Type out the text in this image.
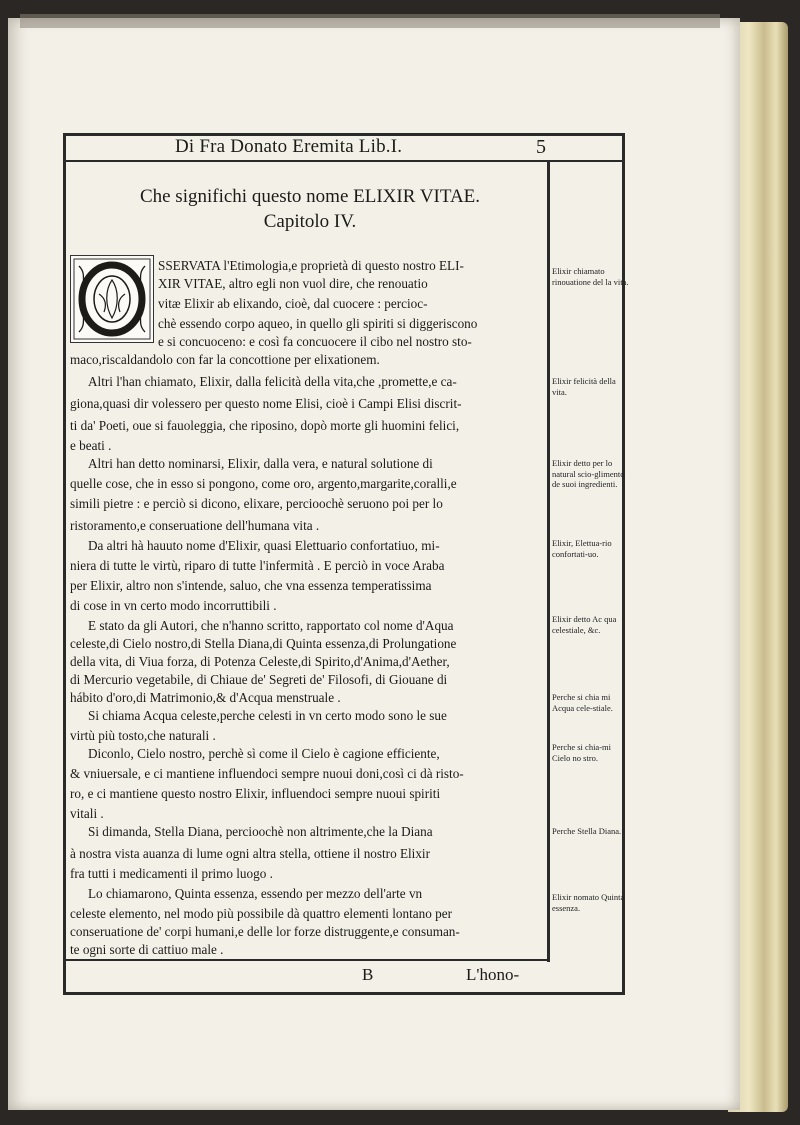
Di Fra Donato Eremita Lib.I.	5
Che significhi questo nome ELIXIR VITAE.
Capitolo IV.
SSERVATA l'Etimologia,e proprietà di questo nostro ELI-
XIR VITAE, altro egli non vuol dire, che renouatio
vitæ Elixir ab elixando, cioè, dal cuocere : percioc-
chè essendo corpo aqueo, in quello gli spiriti si diggeriscono
e si concuoceno: e così fa concuocere il cibo nel nostro sto-
maco,riscaldandolo con far la concottione per elixationem.
Altri l'han chiamato, Elixir, dalla felicità della vita,che ,promette,e ca-
giona,quasi dir volessero per questo nome Elisi, cioè i Campi Elisi discrit-
ti da' Poeti, oue si fauoleggia, che riposino, dopò morte gli huomini felici,
e beati .
Altri han detto nominarsi, Elixir, dalla vera, e natural solutione di
quelle cose, che in esso si pongono, come oro, argento,margarite,coralli,e
simili pietre : e perciò si dicono, elixare, percioochè seruono poi per lo
ristoramento,e conseruatione dell'humana vita .
Da altri hà hauuto nome d'Elixir, quasi Elettuario confortatiuo, mi-
niera di tutte le virtù, riparo di tutte l'infermità . E perciò in voce Araba
per Elixir, altro non s'intende, saluo, che vna essenza temperatissima
di cose in vn certo modo incorruttibili .
E stato da gli Autori, che n'hanno scritto, rapportato col nome d'Aqua
celeste,di Cielo nostro,di Stella Diana,di Quinta essenza,di Prolungatione
della vita, di Viua forza, di Potenza Celeste,di Spirito,d'Anima,d'Aether,
di Mercurio vegetabile, di Chiaue de' Segreti de' Filosofi, di Giouane di
hábito d'oro,di Matrimonio,& d'Acqua menstruale .
Si chiama Acqua celeste,perche celesti in vn certo modo sono le sue
virtù più tosto,che naturali .
Diconlo, Cielo nostro, perchè sì come il Cielo è cagione efficiente,
& vniuersale, e ci mantiene influendoci sempre nuoui doni,così ci dà risto-
ro, e ci mantiene questo nostro Elixir, influendoci sempre nuoui spiriti
vitali .
Si dimanda, Stella Diana, percioochè non altrimente,che la Diana
à nostra vista auanza di lume ogni altra stella, ottiene il nostro Elixir
fra tutti i medicamenti il primo luogo .
Lo chiamarono, Quinta essenza, essendo per mezzo dell'arte vn
celeste elemento, nel modo più possibile dà quattro elementi lontano per
conseruatione de' corpi humani,e delle lor forze distruggente,e consuman-
te ogni sorte di cattiuo male .
Elixir chiamato rinouatione del la vita.
Elixir felicità della vita.
Elixir detto per lo natural scio-glimento de suoi ingredienti.
Elixir, Elettua-rio confortati-uo.
Elixir detto Ac qua celestiale, &c.
Perche si chia mi Acqua cele-stiale.
Perche si chia-mi Cielo no stro.
Perche Stella Diana.
Elixir nomato Quinta essenza.
B	L'hono-
